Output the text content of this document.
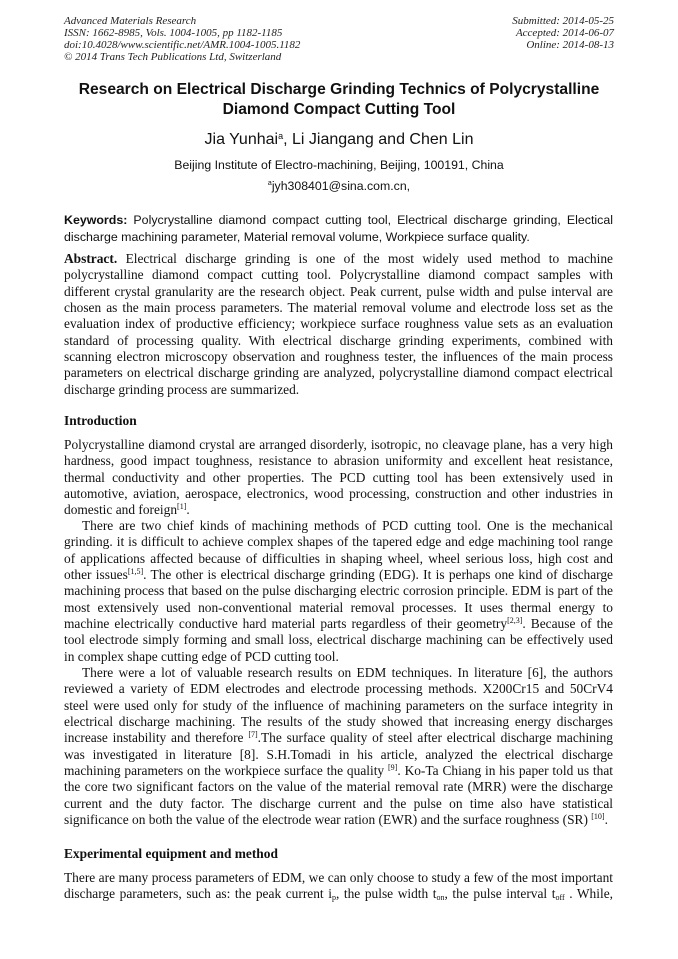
Advanced Materials Research
ISSN: 1662-8985, Vols. 1004-1005, pp 1182-1185
doi:10.4028/www.scientific.net/AMR.1004-1005.1182
© 2014 Trans Tech Publications Ltd, Switzerland
Submitted: 2014-05-25
Accepted: 2014-06-07
Online: 2014-08-13
Research on Electrical Discharge Grinding Technics of Polycrystalline
Diamond Compact Cutting Tool
Jia Yunhai$^a$, Li Jiangang and Chen Lin
Beijing Institute of Electro-machining, Beijing, 100191, China
$^a$jyh308401@sina.com.cn,
Keywords: Polycrystalline diamond compact cutting tool, Electrical discharge grinding, Electical
discharge machining parameter, Material removal volume, Workpiece surface quality.
Abstract. Electrical discharge grinding is one of the most widely used method to machine
polycrystalline diamond compact cutting tool. Polycrystalline diamond compact samples with
different crystal granularity are the research object. Peak current, pulse width and pulse interval are
chosen as the main process parameters. The material removal volume and electrode loss set as the
evaluation index of productive efficiency; workpiece surface roughness value sets as an evaluation
standard of processing quality. With electrical discharge grinding experiments, combined with
scanning electron microscopy observation and roughness tester, the influences of the main process
parameters on electrical discharge grinding are analyzed, polycrystalline diamond compact electrical
discharge grinding process are summarized.
Introduction
Polycrystalline diamond crystal are arranged disorderly, isotropic, no cleavage plane, has a very high
hardness, good impact toughness, resistance to abrasion uniformity and excellent heat resistance,
thermal conductivity and other properties. The PCD cutting tool has been extensively used in
automotive, aviation, aerospace, electronics, wood processing, construction and other industries in
domestic and foreign[1].
There are two chief kinds of machining methods of PCD cutting tool. One is the mechanical
grinding. it is difficult to achieve complex shapes of the tapered edge and edge machining tool range
of applications affected because of difficulties in shaping wheel, wheel serious loss, high cost and
other issues[1,5]. The other is electrical discharge grinding (EDG). It is perhaps one kind of discharge
machining process that based on the pulse discharging electric corrosion principle. EDM is part of the
most extensively used non-conventional material removal processes. It uses thermal energy to
machine electrically conductive hard material parts regardless of their geometry[2,3]. Because of the
tool electrode simply forming and small loss, electrical discharge machining can be effectively used
in complex shape cutting edge of PCD cutting tool.
There were a lot of valuable research results on EDM techniques. In literature [6], the authors
reviewed a variety of EDM electrodes and electrode processing methods. X200Cr15 and 50CrV4
steel were used only for study of the influence of machining parameters on the surface integrity in
electrical discharge machining. The results of the study showed that increasing energy discharges
increase instability and therefore [7].The surface quality of steel after electrical discharge machining
was investigated in literature [8]. S.H.Tomadi in his article, analyzed the electrical discharge
machining parameters on the workpiece surface the quality [9]. Ko-Ta Chiang in his paper told us that
the core two significant factors on the value of the material removal rate (MRR) were the discharge
current and the duty factor. The discharge current and the pulse on time also have statistical
significance on both the value of the electrode wear ration (EWR) and the surface roughness (SR) [10].
Experimental equipment and method
There are many process parameters of EDM, we can only choose to study a few of the most important
discharge parameters, such as: the peak current $i_p$, the pulse width $t_{on}$, the pulse interval $t_{off}$ . While,
